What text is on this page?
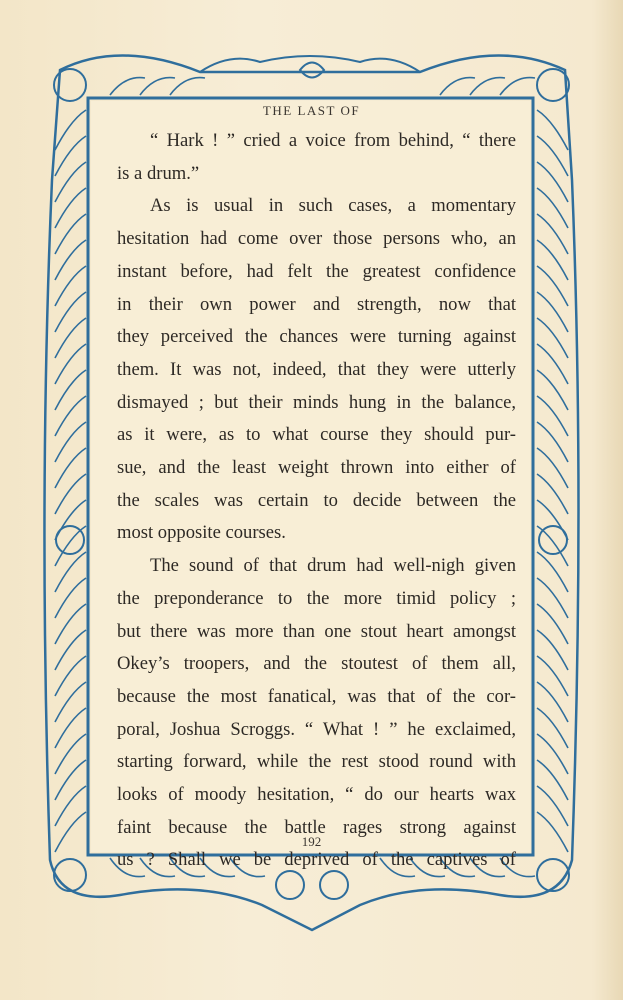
THE LAST OF
“ Hark ! ” cried a voice from behind, “ there
is a drum.”
As is usual in such cases, a momentary
hesitation had come over those persons who, an
instant before, had felt the greatest confidence
in their own power and strength, now that
they perceived the chances were turning against
them. It was not, indeed, that they were utterly
dismayed ; but their minds hung in the balance,
as it were, as to what course they should pur-
sue, and the least weight thrown into either of
the scales was certain to decide between the
most opposite courses.
The sound of that drum had well-nigh given
the preponderance to the more timid policy ;
but there was more than one stout heart amongst
Okey’s troopers, and the stoutest of them all,
because the most fanatical, was that of the cor-
poral, Joshua Scroggs. “ What ! ” he exclaimed,
starting forward, while the rest stood round with
looks of moody hesitation, “ do our hearts wax
faint because the battle rages strong against
us ? Shall we be deprived of the captives of
192
